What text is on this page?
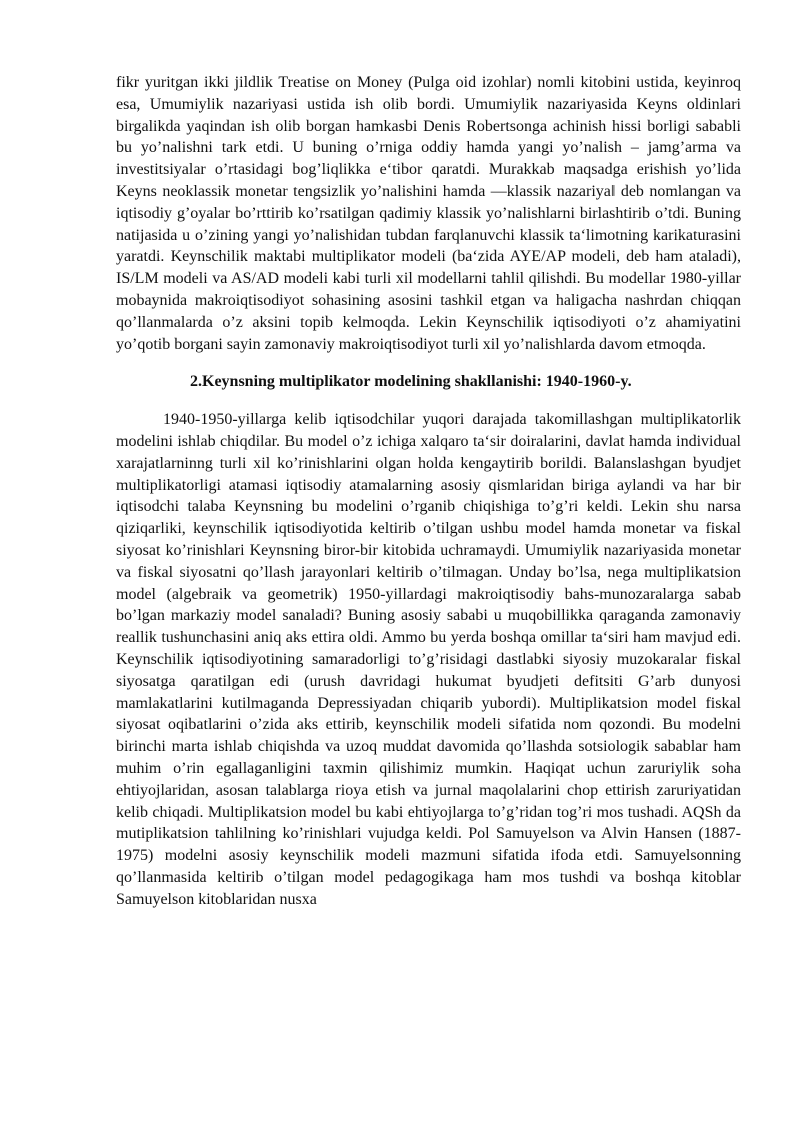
fikr yuritgan ikki jildlik Treatise on Money (Pulga oid izohlar) nomli kitobini ustida, keyinroq esa, Umumiylik nazariyasi ustida ish olib bordi. Umumiylik nazariyasida Keyns oldinlari birgalikda yaqindan ish olib borgan hamkasbi Denis Robertsonga achinish hissi borligi sababli bu yo’nalishni tark etdi. U buning o’rniga oddiy hamda yangi yo’nalish – jamg’arma va investitsiyalar o’rtasidagi bog’liqlikka e‘tibor qaratdi. Murakkab maqsadga erishish yo’lida Keyns neoklassik monetar tengsizlik yo’nalishini hamda ―klassik nazariya‖ deb nomlangan va iqtisodiy g’oyalar bo’rttirib ko’rsatilgan qadimiy klassik yo’nalishlarni birlashtirib o’tdi. Buning natijasida u o’zining yangi yo’nalishidan tubdan farqlanuvchi klassik ta‘limotning karikaturasini yaratdi. Keynschilik maktabi multiplikator modeli (ba‘zida AYE/AP modeli, deb ham ataladi), IS/LM modeli va AS/AD modeli kabi turli xil modellarni tahlil qilishdi. Bu modellar 1980-yillar mobaynida makroiqtisodiyot sohasining asosini tashkil etgan va haligacha nashrdan chiqqan qo’llanmalarda o’z aksini topib kelmoqda. Lekin Keynschilik iqtisodiyoti o’z ahamiyatini yo’qotib borgani sayin zamonaviy makroiqtisodiyot turli xil yo’nalishlarda davom etmoqda.

2.Keynsning multiplikator modelining shakllanishi: 1940-1960-y.

1940-1950-yillarga kelib iqtisodchilar yuqori darajada takomillashgan multiplikatorlik modelini ishlab chiqdilar. Bu model o’z ichiga xalqaro ta‘sir doiralarini, davlat hamda individual xarajatlarninng turli xil ko’rinishlarini olgan holda kengaytirib borildi. Balanslashgan byudjet multiplikatorligi atamasi iqtisodiy atamalarning asosiy qismlaridan biriga aylandi va har bir iqtisodchi talaba Keynsning bu modelini o’rganib chiqishiga to’g’ri keldi. Lekin shu narsa qiziqarliki, keynschilik iqtisodiyotida keltirib o’tilgan ushbu model hamda monetar va fiskal siyosat ko’rinishlari Keynsning biror-bir kitobida uchramaydi. Umumiylik nazariyasida monetar va fiskal siyosatni qo’llash jarayonlari keltirib o’tilmagan. Unday bo’lsa, nega multiplikatsion model (algebraik va geometrik) 1950-yillardagi makroiqtisodiy bahs-munozaralarga sabab bo’lgan markaziy model sanaladi? Buning asosiy sababi u muqobillikka qaraganda zamonaviy reallik tushunchasini aniq aks ettira oldi. Ammo bu yerda boshqa omillar ta‘siri ham mavjud edi. Keynschilik iqtisodiyotining samaradorligi to’g’risidagi dastlabki siyosiy muzokaralar fiskal siyosatga qaratilgan edi (urush davridagi hukumat byudjeti defitsiti G’arb dunyosi mamlakatlarini kutilmaganda Depressiyadan chiqarib yubordi). Multiplikatsion model fiskal siyosat oqibatlarini o’zida aks ettirib, keynschilik modeli sifatida nom qozondi. Bu modelni birinchi marta ishlab chiqishda va uzoq muddat davomida qo’llashda sotsiologik sabablar ham muhim o’rin egallaganligini taxmin qilishimiz mumkin. Haqiqat uchun zaruriylik soha ehtiyojlaridan, asosan talablarga rioya etish va jurnal maqolalarini chop ettirish zaruriyatidan kelib chiqadi. Multiplikatsion model bu kabi ehtiyojlarga to’g’ridan tog’ri mos tushadi. AQSh da mutiplikatsion tahlilning ko’rinishlari vujudga keldi. Pol Samuyelson va Alvin Hansen (1887-1975) modelni asosiy keynschilik modeli mazmuni sifatida ifoda etdi. Samuyelsonning qo’llanmasida keltirib o’tilgan model pedagogikaga ham mos tushdi va boshqa kitoblar Samuyelson kitoblaridan nusxa
